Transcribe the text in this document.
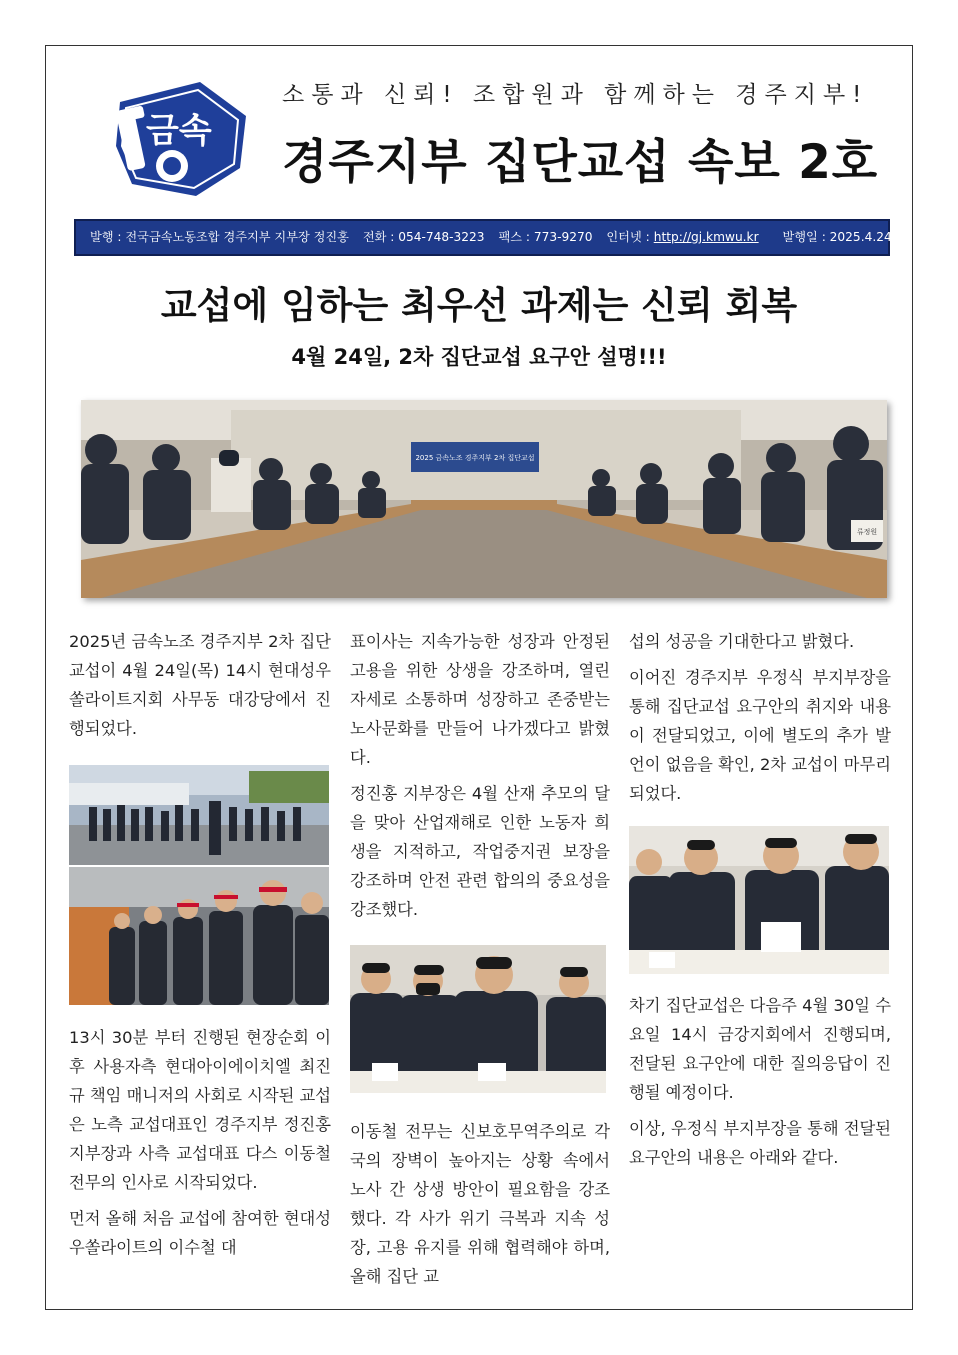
금속
소통과 신뢰! 조합원과 함께하는 경주지부!
경주지부 집단교섭 속보 2호
발행 : 전국금속노동조합 경주지부 지부장 정진홍 전화 : 054-748-3223 팩스 : 773-9270 인터넷 : http://gj.kmwu.kr 발행일 : 2025.4.24(목)
교섭에 임하는 최우선 과제는 신뢰 회복
4월 24일, 2차 집단교섭 요구안 설명!!!
2025 금속노조 경주지부 2차 집단교섭
류정원

2025년 금속노조 경주지부 2차 집단교섭이 4월 24일(목) 14시 현대성우쏠라이트지회 사무동 대강당에서 진행되었다.

13시 30분 부터 진행된 현장순회 이후 사용자측 현대아이에이치엘 최진규 책임 매니저의 사회로 시작된 교섭은 노측 교섭대표인 경주지부 정진홍 지부장과 사측 교섭대표 다스 이동철 전무의 인사로 시작되었다.

먼저 올해 처음 교섭에 참여한 현대성우쏠라이트의 이수철 대

표이사는 지속가능한 성장과 안정된 고용을 위한 상생을 강조하며, 열린 자세로 소통하며 성장하고 존중받는 노사문화를 만들어 나가겠다고 밝혔다.

정진홍 지부장은 4월 산재 추모의 달을 맞아 산업재해로 인한 노동자 희생을 지적하고, 작업중지권 보장을 강조하며 안전 관련 합의의 중요성을 강조했다.

이동철 전무는 신보호무역주의로 각국의 장벽이 높아지는 상황 속에서 노사 간 상생 방안이 필요함을 강조했다. 각 사가 위기 극복과 지속 성장, 고용 유지를 위해 협력해야 하며, 올해 집단 교

섭의 성공을 기대한다고 밝혔다.

이어진 경주지부 우정식 부지부장을 통해 집단교섭 요구안의 취지와 내용이 전달되었고, 이에 별도의 추가 발언이 없음을 확인, 2차 교섭이 마무리 되었다.

차기 집단교섭은 다음주 4월 30일 수요일 14시 금강지회에서 진행되며, 전달된 요구안에 대한 질의응답이 진행될 예정이다.

이상, 우정식 부지부장을 통해 전달된 요구안의 내용은 아래와 같다.
